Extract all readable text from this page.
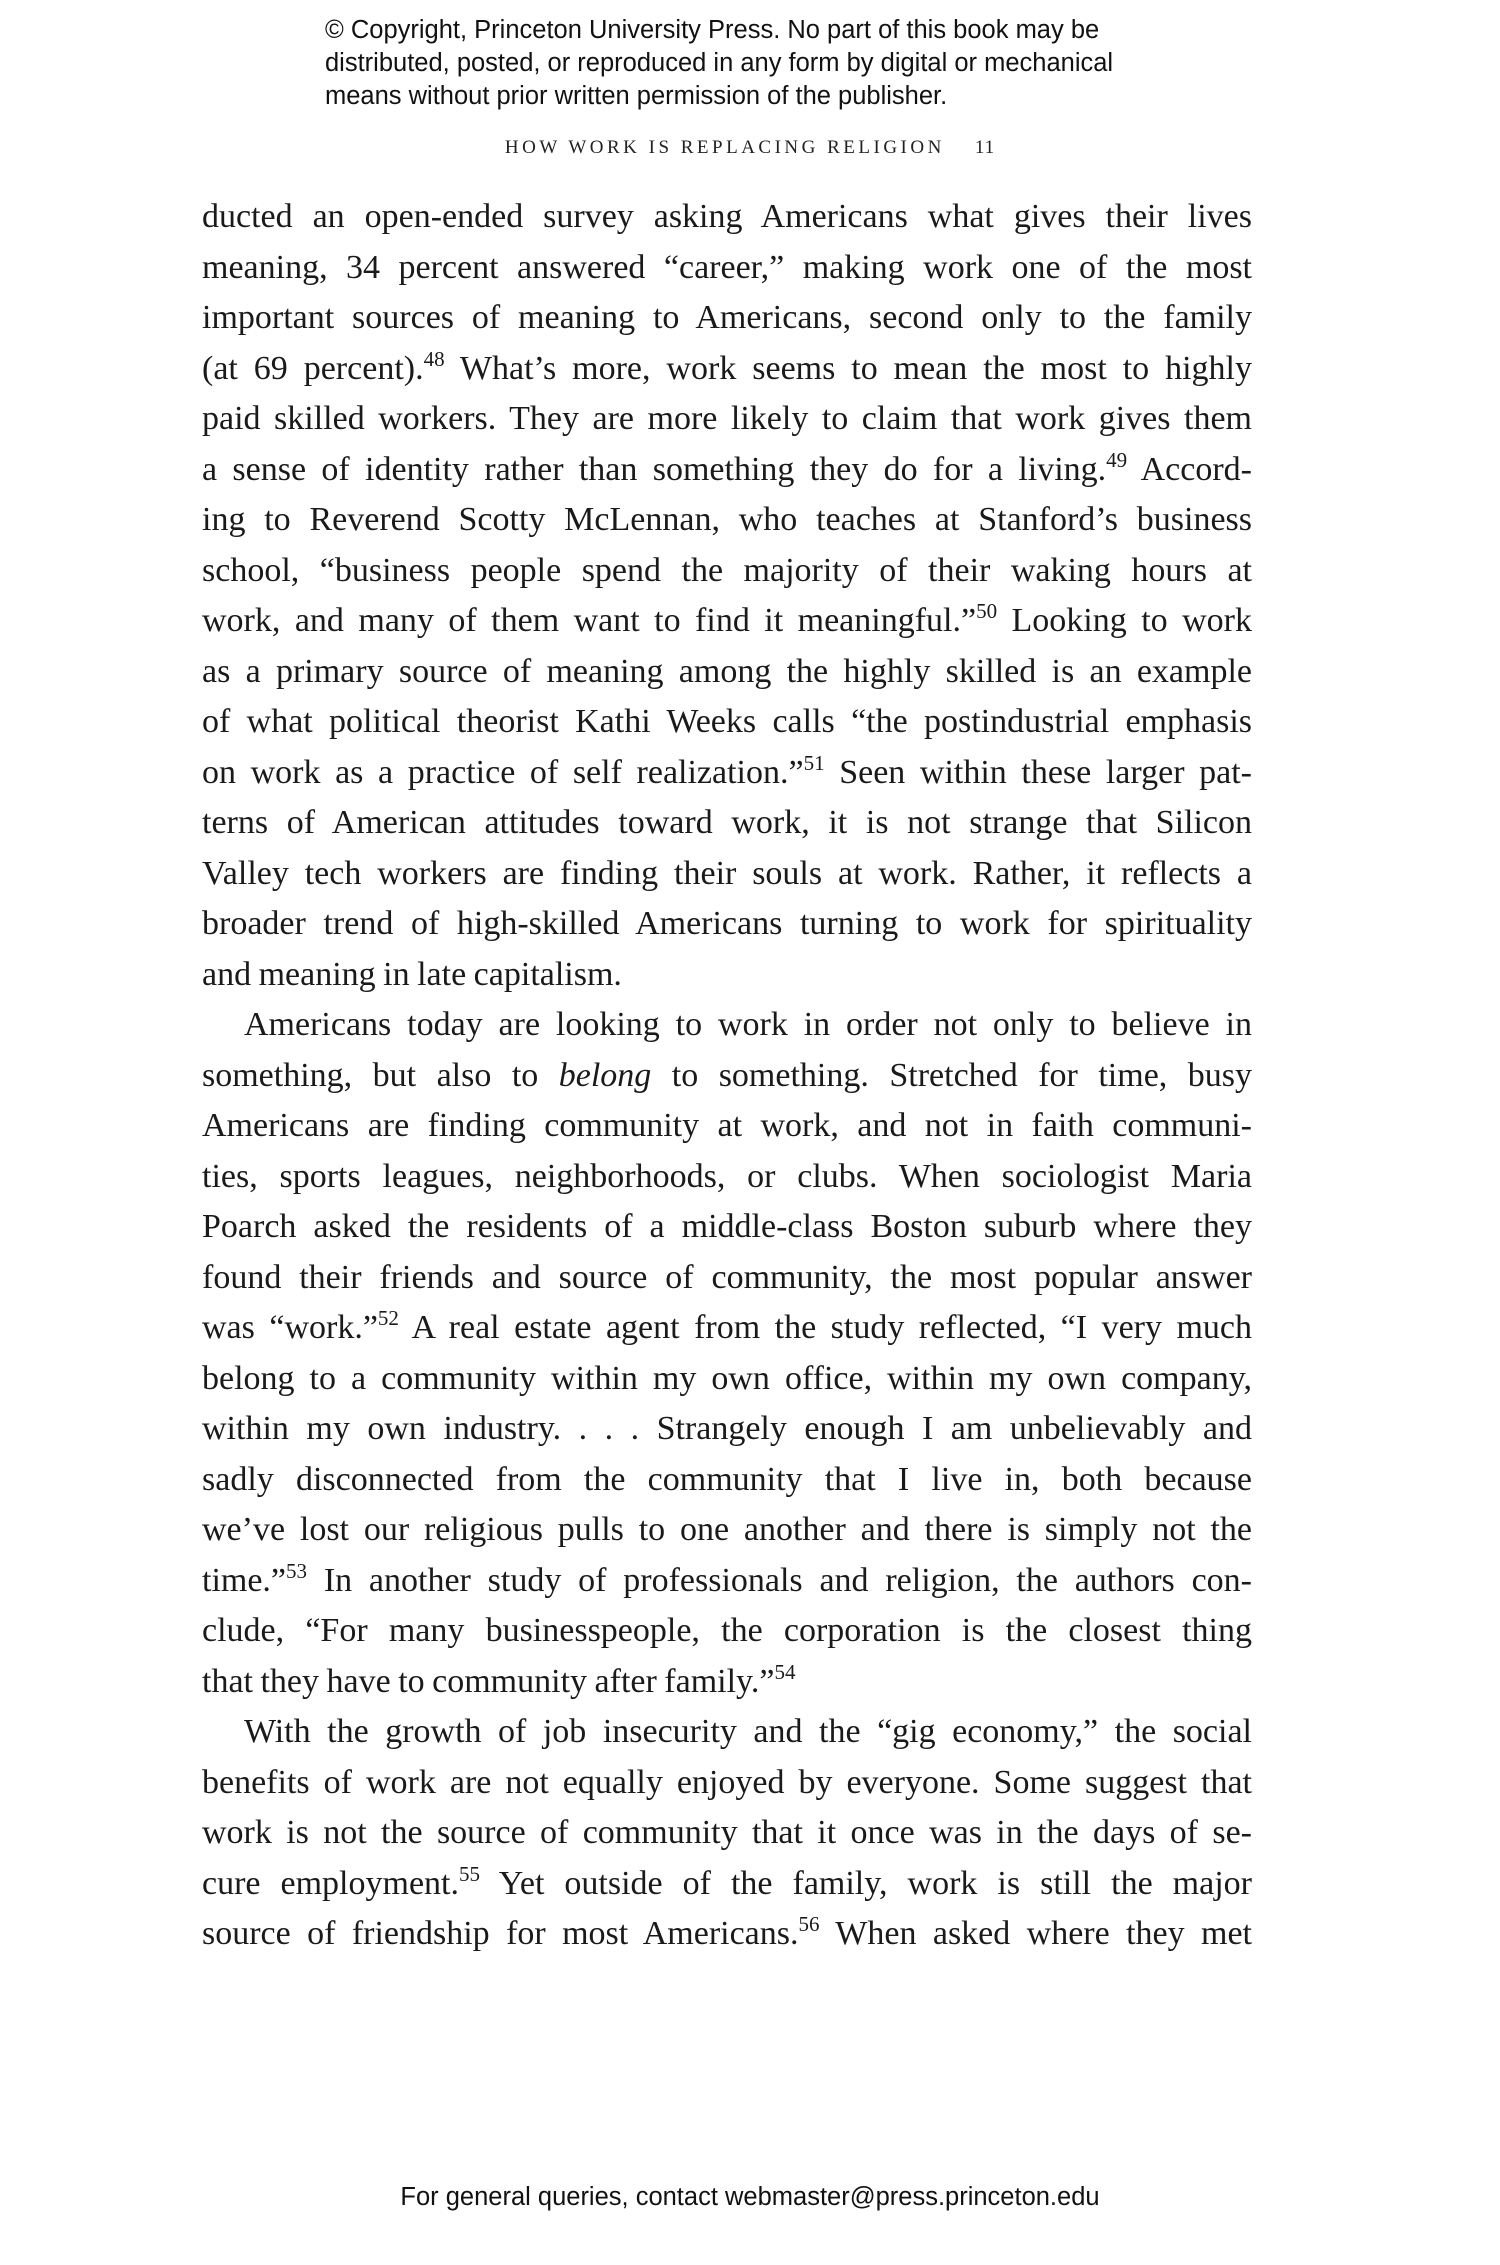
© Copyright, Princeton University Press. No part of this book may be
distributed, posted, or reproduced in any form by digital or mechanical
means without prior written permission of the publisher.
HOW WORK IS REPLACING RELIGION 11
ducted an open-ended survey asking Americans what gives their lives
meaning, 34 percent answered “career,” making work one of the most
important sources of meaning to Americans, second only to the family
(at 69 percent).$^{48}$ What’s more, work seems to mean the most to highly
paid skilled workers. They are more likely to claim that work gives them
a sense of identity rather than something they do for a living.$^{49}$ Accord-
ing to Reverend Scotty McLennan, who teaches at Stanford’s business
school, “business people spend the majority of their waking hours at
work, and many of them want to find it meaningful.”$^{50}$ Looking to work
as a primary source of meaning among the highly skilled is an example
of what political theorist Kathi Weeks calls “the postindustrial emphasis
on work as a practice of self realization.”$^{51}$ Seen within these larger pat-
terns of American attitudes toward work, it is not strange that Silicon
Valley tech workers are finding their souls at work. Rather, it reflects a
broader trend of high-skilled Americans turning to work for spirituality
and meaning in late capitalism.
Americans today are looking to work in order not only to believe in
something, but also to belong to something. Stretched for time, busy
Americans are finding community at work, and not in faith communi-
ties, sports leagues, neighborhoods, or clubs. When sociologist Maria
Poarch asked the residents of a middle-class Boston suburb where they
found their friends and source of community, the most popular answer
was “work.”$^{52}$ A real estate agent from the study reflected, “I very much
belong to a community within my own office, within my own company,
within my own industry. . . . Strangely enough I am unbelievably and
sadly disconnected from the community that I live in, both because
we’ve lost our religious pulls to one another and there is simply not the
time.”$^{53}$ In another study of professionals and religion, the authors con-
clude, “For many businesspeople, the corporation is the closest thing
that they have to community after family.”$^{54}$
With the growth of job insecurity and the “gig economy,” the social
benefits of work are not equally enjoyed by everyone. Some suggest that
work is not the source of community that it once was in the days of se-
cure employment.$^{55}$ Yet outside of the family, work is still the major
source of friendship for most Americans.$^{56}$ When asked where they met
For general queries, contact webmaster@press.princeton.edu
